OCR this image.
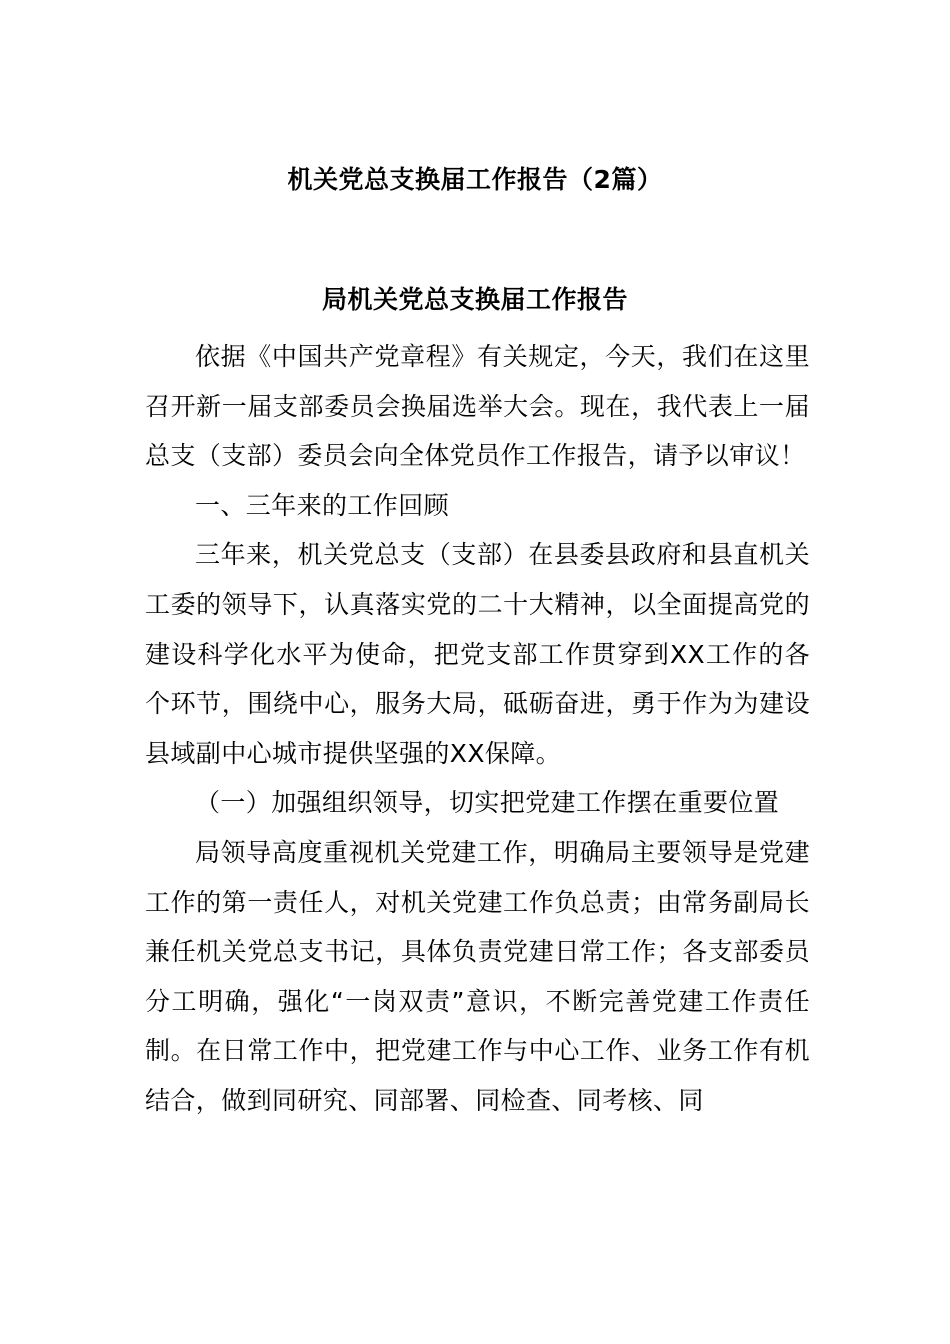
机关党总支换届工作报告（2篇）
局机关党总支换届工作报告

依据《中国共产党章程》有关规定，今天，我们在这里召开新一届支部委员会换届选举大会。现在，我代表上一届总支（支部）委员会向全体党员作工作报告，请予以审议！

一、三年来的工作回顾

三年来，机关党总支（支部）在县委县政府和县直机关工委的领导下，认真落实党的二十大精神，以全面提高党的建设科学化水平为使命，把党支部工作贯穿到XX工作的各个环节，围绕中心，服务大局，砥砺奋进，勇于作为为建设县域副中心城市提供坚强的XX保障。

（一）加强组织领导，切实把党建工作摆在重要位置

局领导高度重视机关党建工作，明确局主要领导是党建工作的第一责任人，对机关党建工作负总责；由常务副局长兼任机关党总支书记，具体负责党建日常工作；各支部委员分工明确，强化“一岗双责”意识，不断完善党建工作责任制。在日常工作中，把党建工作与中心工作、业务工作有机结合，做到同研究、同部署、同检查、同考核、同
